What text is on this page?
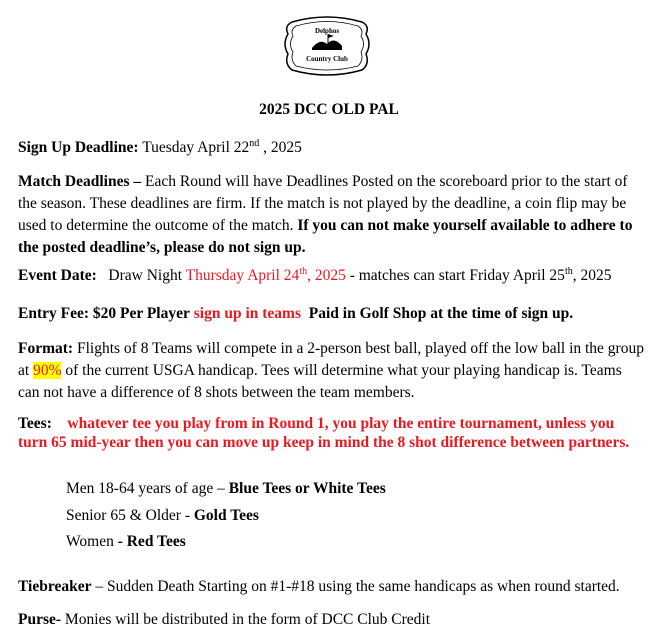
Delphos
Country Club
2025 DCC OLD PAL

Sign Up Deadline: Tuesday April 22nd , 2025

Match Deadlines – Each Round will have Deadlines Posted on the scoreboard prior to the start of the season. These deadlines are firm. If the match is not played by the deadline, a coin flip may be used to determine the outcome of the match. If you can not make yourself available to adhere to the posted deadline’s, please do not sign up.

Event Date: Draw Night Thursday April 24th, 2025 - matches can start Friday April 25th, 2025

Entry Fee: $20 Per Player sign up in teams Paid in Golf Shop at the time of sign up.

Format: Flights of 8 Teams will compete in a 2-person best ball, played off the low ball in the group at 90% of the current USGA handicap. Tees will determine what your playing handicap is. Teams can not have a difference of 8 shots between the team members.

Tees: whatever tee you play from in Round 1, you play the entire tournament, unless you turn 65 mid-year then you can move up keep in mind the 8 shot difference between partners.

Men 18-64 years of age – Blue Tees or White Tees

Senior 65 & Older - Gold Tees

Women - Red Tees

Tiebreaker – Sudden Death Starting on #1-#18 using the same handicaps as when round started.

Purse- Monies will be distributed in the form of DCC Club Credit
